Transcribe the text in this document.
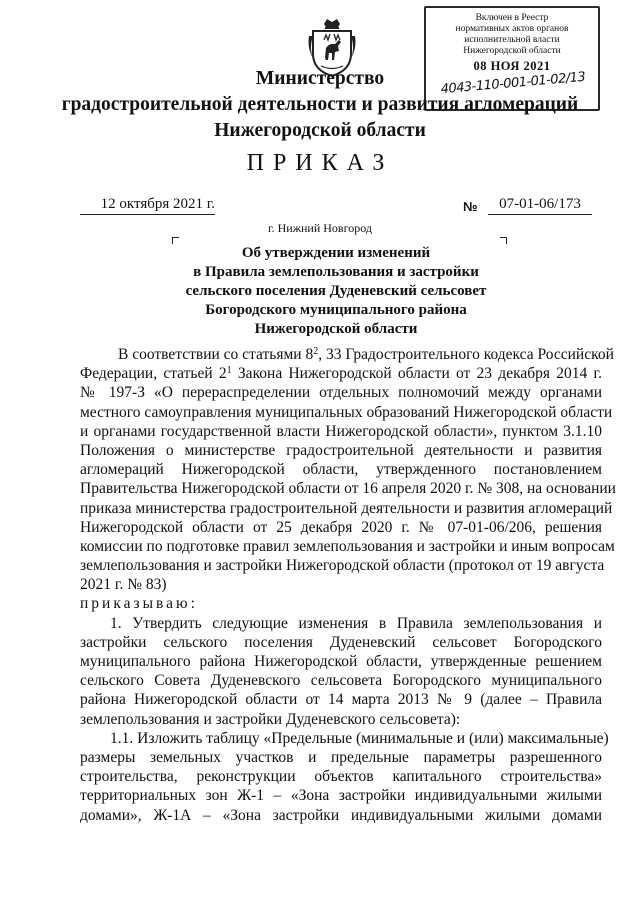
Включен в Реестр
нормативных актов органов
исполнительной власти
Нижегородской области
08 НОЯ 2021
4043-110-001-01-02/13
Министерство
градостроительной деятельности и развития агломераций
Нижегородской области
ПРИКАЗ
12 октября 2021 г.	№	07-01-06/173
г. Нижний Новгород
Об утверждении изменений
в Правила землепользования и застройки
сельского поселения Дуденевский сельсовет
Богородского муниципального района
Нижегородской области
В соответствии со статьями $8^2$, 33 Градостроительного кодекса Российской
Федерации, статьей $2^1$ Закона Нижегородской области от 23 декабря 2014 г.
№ 197-З «О перераспределении отдельных полномочий между органами
местного самоуправления муниципальных образований Нижегородской области
и органами государственной власти Нижегородской области», пунктом 3.1.10
Положения о министерстве градостроительной деятельности и развития
агломераций Нижегородской области, утвержденного постановлением
Правительства Нижегородской области от 16 апреля 2020 г. № 308, на основании
приказа министерства градостроительной деятельности и развития агломераций
Нижегородской области от 25 декабря 2020 г. № 07-01-06/206, решения
комиссии по подготовке правил землепользования и застройки и иным вопросам
землепользования и застройки Нижегородской области (протокол от 19 августа
2021 г. № 83)
приказываю:
1. Утвердить следующие изменения в Правила землепользования и
застройки сельского поселения Дуденевский сельсовет Богородского
муниципального района Нижегородской области, утвержденные решением
сельского Совета Дуденевского сельсовета Богородского муниципального
района Нижегородской области от 14 марта 2013 № 9 (далее – Правила
землепользования и застройки Дуденевского сельсовета):
1.1. Изложить таблицу «Предельные (минимальные и (или) максимальные)
размеры земельных участков и предельные параметры разрешенного
строительства, реконструкции объектов капитального строительства»
территориальных зон Ж-1 – «Зона застройки индивидуальными жилыми
домами», Ж-1А – «Зона застройки индивидуальными жилыми домами
